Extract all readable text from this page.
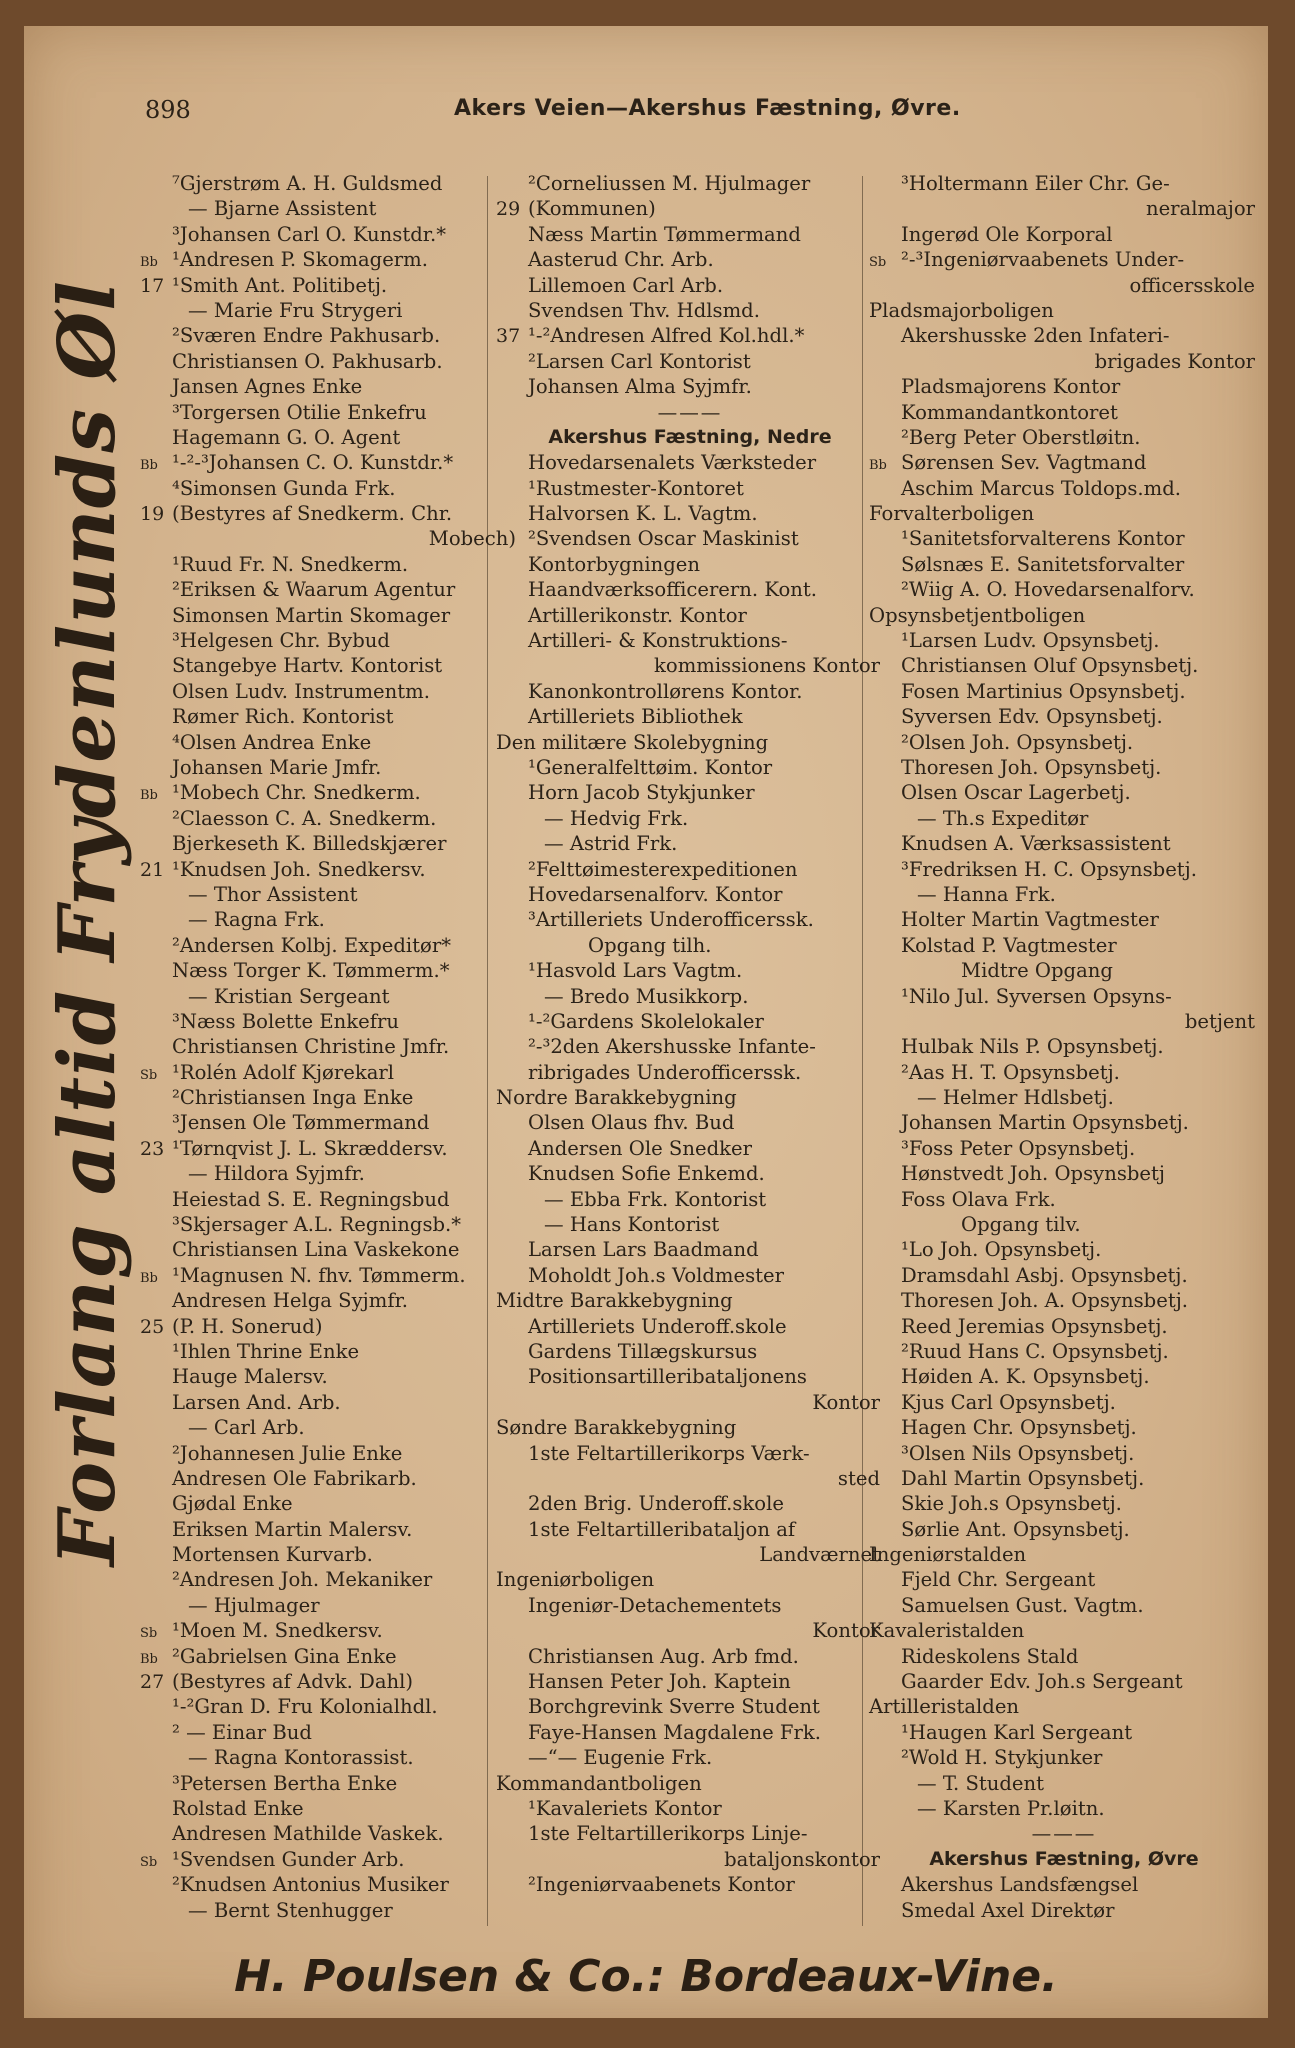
898	Akers Veien—Akershus Fæstning, Øvre.
Forlang altid Frydenlunds Øl
⁷Gjerstrøm A. H. Guldsmed
— Bjarne Assistent
³Johansen Carl O. Kunstdr.*
Bb ¹Andresen P. Skomagerm.
17 ¹Smith Ant. Politibetj.
— Marie Fru Strygeri
²Sværen Endre Pakhusarb.
Christiansen O. Pakhusarb.
Jansen Agnes Enke
³Torgersen Otilie Enkefru
Hagemann G. O. Agent
Bb ¹-²-³Johansen C. O. Kunstdr.*
⁴Simonsen Gunda Frk.
19 (Bestyres af Snedkerm. Chr.
Mobech)
¹Ruud Fr. N. Snedkerm.
²Eriksen & Waarum Agentur
Simonsen Martin Skomager
³Helgesen Chr. Bybud
Stangebye Hartv. Kontorist
Olsen Ludv. Instrumentm.
Rømer Rich. Kontorist
⁴Olsen Andrea Enke
Johansen Marie Jmfr.
Bb ¹Mobech Chr. Snedkerm.
²Claesson C. A. Snedkerm.
Bjerkeseth K. Billedskjærer
21 ¹Knudsen Joh. Snedkersv.
— Thor Assistent
— Ragna Frk.
²Andersen Kolbj. Expeditør*
Næss Torger K. Tømmerm.*
— Kristian Sergeant
³Næss Bolette Enkefru
Christiansen Christine Jmfr.
Sb ¹Rolén Adolf Kjørekarl
²Christiansen Inga Enke
³Jensen Ole Tømmermand
23 ¹Tørnqvist J. L. Skræddersv.
— Hildora Syjmfr.
Heiestad S. E. Regningsbud
³Skjersager A.L. Regningsb.*
Christiansen Lina Vaskekone
Bb ¹Magnusen N. fhv. Tømmerm.
Andresen Helga Syjmfr.
25 (P. H. Sonerud)
¹Ihlen Thrine Enke
Hauge Malersv.
Larsen And. Arb.
— Carl Arb.
²Johannesen Julie Enke
Andresen Ole Fabrikarb.
Gjødal Enke
Eriksen Martin Malersv.
Mortensen Kurvarb.
²Andresen Joh. Mekaniker
— Hjulmager
Sb ¹Moen M. Snedkersv.
Bb ²Gabrielsen Gina Enke
27 (Bestyres af Advk. Dahl)
¹-²Gran D. Fru Kolonialhdl.
² — Einar Bud
— Ragna Kontorassist.
³Petersen Bertha Enke
Rolstad Enke
Andresen Mathilde Vaskek.
Sb ¹Svendsen Gunder Arb.
²Knudsen Antonius Musiker
— Bernt Stenhugger
²Corneliussen M. Hjulmager
29 (Kommunen)
Næss Martin Tømmermand
Aasterud Chr. Arb.
Lillemoen Carl Arb.
Svendsen Thv. Hdlsmd.
37 ¹-²Andresen Alfred Kol.hdl.*
²Larsen Carl Kontorist
Johansen Alma Syjmfr.
———
Akershus Fæstning, Nedre
Hovedarsenalets Værksteder
¹Rustmester-Kontoret
Halvorsen K. L. Vagtm.
²Svendsen Oscar Maskinist
Kontorbygningen
Haandværksofficerern. Kont.
Artillerikonstr. Kontor
Artilleri- & Konstruktions-
kommissionens Kontor
Kanonkontrollørens Kontor.
Artilleriets Bibliothek
Den militære Skolebygning
¹Generalfelttøim. Kontor
Horn Jacob Stykjunker
— Hedvig Frk.
— Astrid Frk.
²Felttøimesterexpeditionen
Hovedarsenalforv. Kontor
³Artilleriets Underofficerssk.
Opgang tilh.
¹Hasvold Lars Vagtm.
— Bredo Musikkorp.
¹-²Gardens Skolelokaler
²-³2den Akershusske Infante-
ribrigades Underofficerssk.
Nordre Barakkebygning
Olsen Olaus fhv. Bud
Andersen Ole Snedker
Knudsen Sofie Enkemd.
— Ebba Frk. Kontorist
— Hans Kontorist
Larsen Lars Baadmand
Moholdt Joh.s Voldmester
Midtre Barakkebygning
Artilleriets Underoff.skole
Gardens Tillægskursus
Positionsartilleribataljonens
Kontor
Søndre Barakkebygning
1ste Feltartillerikorps Værk-
sted
2den Brig. Underoff.skole
1ste Feltartilleribataljon af
Landværnet
Ingeniørboligen
Ingeniør-Detachementets
Kontor
Christiansen Aug. Arb fmd.
Hansen Peter Joh. Kaptein
Borchgrevink Sverre Student
Faye-Hansen Magdalene Frk.
—“— Eugenie Frk.
Kommandantboligen
¹Kavaleriets Kontor
1ste Feltartillerikorps Linje-
bataljonskontor
²Ingeniørvaabenets Kontor
³Holtermann Eiler Chr. Ge-
neralmajor
Ingerød Ole Korporal
Sb ²-³Ingeniørvaabenets Under-
officersskole
Pladsmajorboligen
Akershusske 2den Infateri-
brigades Kontor
Pladsmajorens Kontor
Kommandantkontoret
²Berg Peter Oberstløitn.
Bb Sørensen Sev. Vagtmand
Aschim Marcus Toldops.md.
Forvalterboligen
¹Sanitetsforvalterens Kontor
Sølsnæs E. Sanitetsforvalter
²Wiig A. O. Hovedarsenalforv.
Opsynsbetjentboligen
¹Larsen Ludv. Opsynsbetj.
Christiansen Oluf Opsynsbetj.
Fosen Martinius Opsynsbetj.
Syversen Edv. Opsynsbetj.
²Olsen Joh. Opsynsbetj.
Thoresen Joh. Opsynsbetj.
Olsen Oscar Lagerbetj.
— Th.s Expeditør
Knudsen A. Værksassistent
³Fredriksen H. C. Opsynsbetj.
— Hanna Frk.
Holter Martin Vagtmester
Kolstad P. Vagtmester
Midtre Opgang
¹Nilo Jul. Syversen Opsyns-
betjent
Hulbak Nils P. Opsynsbetj.
²Aas H. T. Opsynsbetj.
— Helmer Hdlsbetj.
Johansen Martin Opsynsbetj.
³Foss Peter Opsynsbetj.
Hønstvedt Joh. Opsynsbetj
Foss Olava Frk.
Opgang tilv.
¹Lo Joh. Opsynsbetj.
Dramsdahl Asbj. Opsynsbetj.
Thoresen Joh. A. Opsynsbetj.
Reed Jeremias Opsynsbetj.
²Ruud Hans C. Opsynsbetj.
Høiden A. K. Opsynsbetj.
Kjus Carl Opsynsbetj.
Hagen Chr. Opsynsbetj.
³Olsen Nils Opsynsbetj.
Dahl Martin Opsynsbetj.
Skie Joh.s Opsynsbetj.
Sørlie Ant. Opsynsbetj.
Ingeniørstalden
Fjeld Chr. Sergeant
Samuelsen Gust. Vagtm.
Kavaleristalden
Rideskolens Stald
Gaarder Edv. Joh.s Sergeant
Artilleristalden
¹Haugen Karl Sergeant
²Wold H. Stykjunker
— T. Student
— Karsten Pr.løitn.
———
Akershus Fæstning, Øvre
Akershus Landsfængsel
Smedal Axel Direktør
H. Poulsen & Co.: Bordeaux-Vine.
